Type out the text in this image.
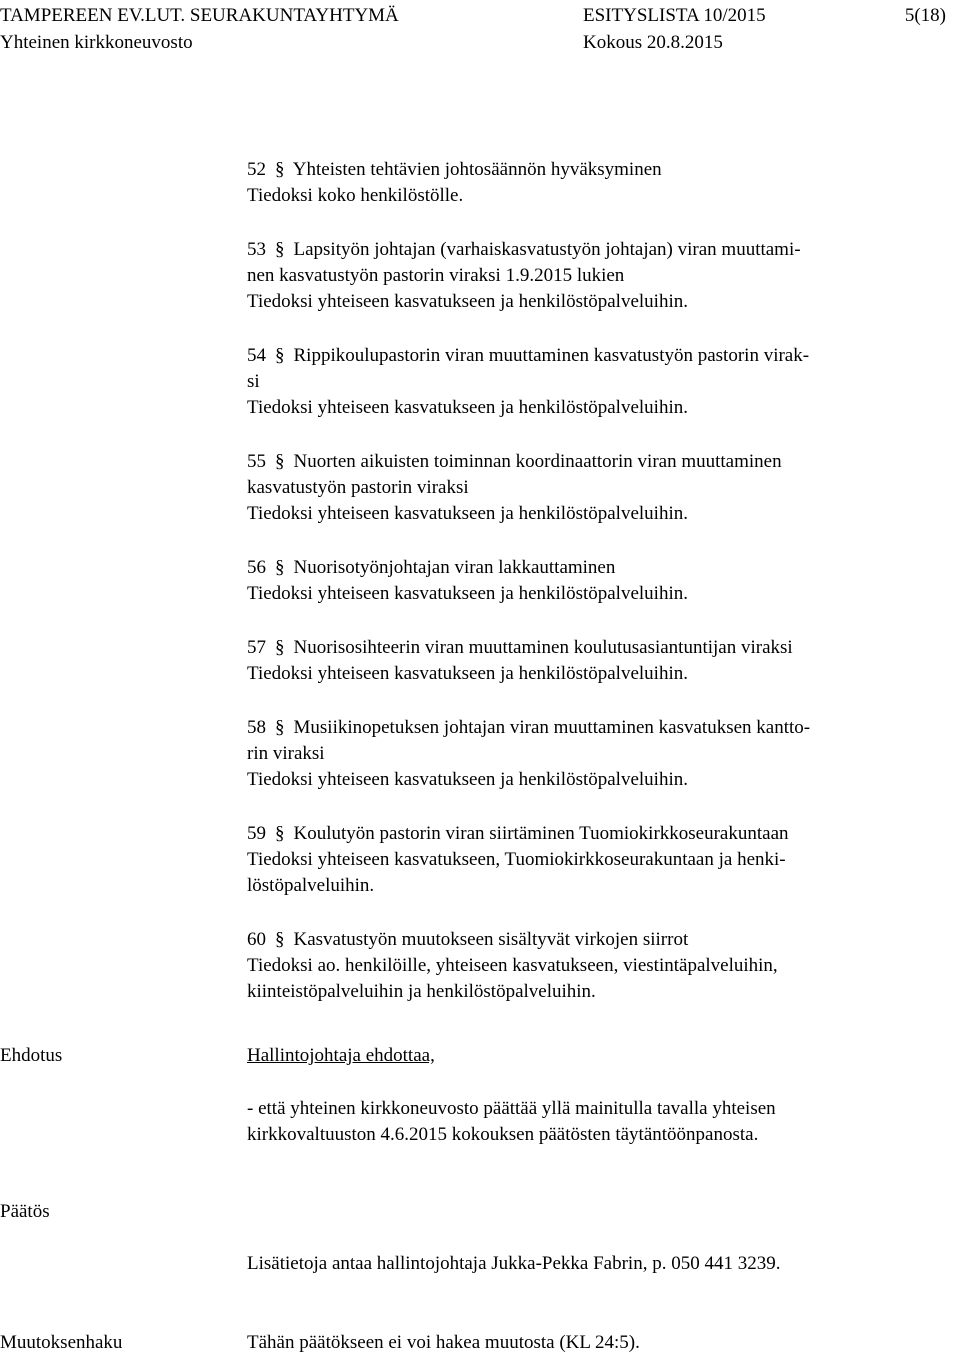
TAMPEREEN EV.LUT. SEURAKUNTAYHTYMÄ
Yhteinen kirkkoneuvosto
ESITYSLISTA 10/2015
Kokous 20.8.2015
5(18)
52 § Yhteisten tehtävien johtosäännön hyväksyminen
Tiedoksi koko henkilöstölle.
53 § Lapsityön johtajan (varhaiskasvatustyön johtajan) viran muuttami-
nen kasvatustyön pastorin viraksi 1.9.2015 lukien
Tiedoksi yhteiseen kasvatukseen ja henkilöstöpalveluihin.
54 § Rippikoulupastorin viran muuttaminen kasvatustyön pastorin virak-
si
Tiedoksi yhteiseen kasvatukseen ja henkilöstöpalveluihin.
55 § Nuorten aikuisten toiminnan koordinaattorin viran muuttaminen
kasvatustyön pastorin viraksi
Tiedoksi yhteiseen kasvatukseen ja henkilöstöpalveluihin.
56 § Nuorisotyönjohtajan viran lakkauttaminen
Tiedoksi yhteiseen kasvatukseen ja henkilöstöpalveluihin.
57 § Nuorisosihteerin viran muuttaminen koulutusasiantuntijan viraksi
Tiedoksi yhteiseen kasvatukseen ja henkilöstöpalveluihin.
58 § Musiikinopetuksen johtajan viran muuttaminen kasvatuksen kantto-
rin viraksi
Tiedoksi yhteiseen kasvatukseen ja henkilöstöpalveluihin.
59 § Koulutyön pastorin viran siirtäminen Tuomiokirkkoseurakuntaan
Tiedoksi yhteiseen kasvatukseen, Tuomiokirkkoseurakuntaan ja henki-
löstöpalveluihin.
60 § Kasvatustyön muutokseen sisältyvät virkojen siirrot
Tiedoksi ao. henkilöille, yhteiseen kasvatukseen, viestintäpalveluihin,
kiinteistöpalveluihin ja henkilöstöpalveluihin.
Ehdotus	Hallintojohtaja ehdottaa,
- että yhteinen kirkkoneuvosto päättää yllä mainitulla tavalla yhteisen
kirkkovaltuuston 4.6.2015 kokouksen päätösten täytäntöönpanosta.
Päätös
Lisätietoja antaa hallintojohtaja Jukka-Pekka Fabrin, p. 050 441 3239.
Muutoksenhaku	Tähän päätökseen ei voi hakea muutosta (KL 24:5).
